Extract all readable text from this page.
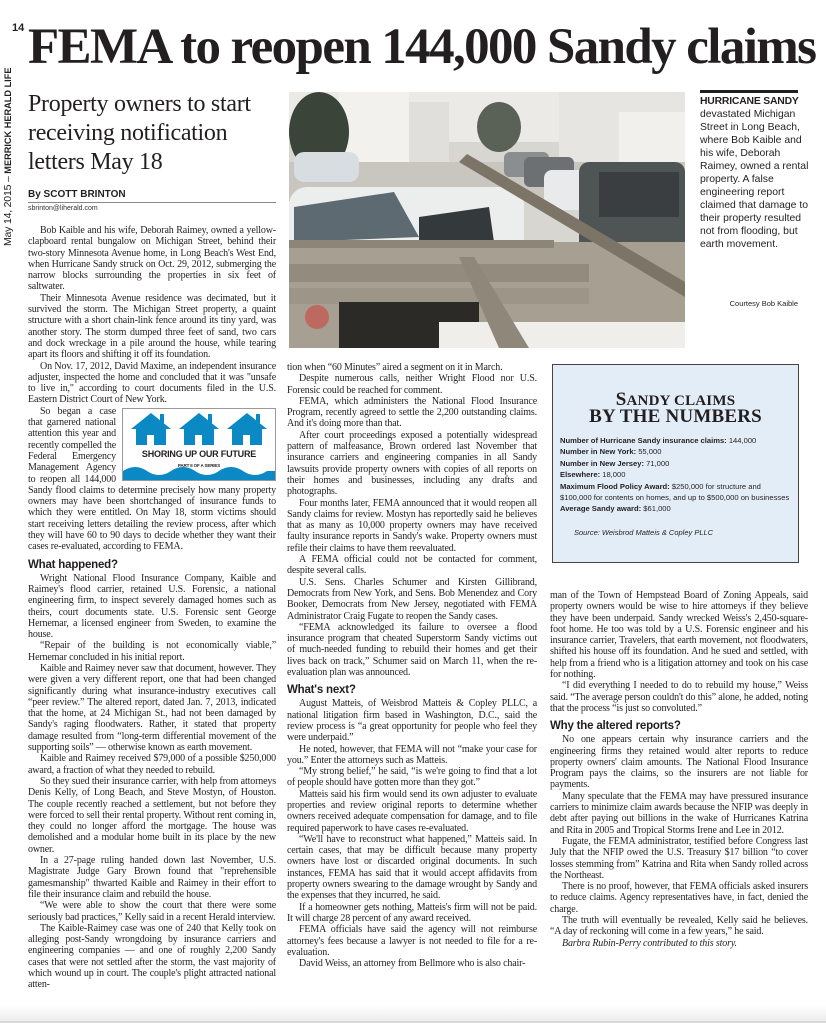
14 FEMA to reopen 144,000 Sandy claims
May 14, 2015 – MERRICK HERALD LIFE Property owners to start receiving notification letters May 18
By SCOTT BRINTON
sbrinton@liherald.com
HURRICANE SANDY devastated Michigan Street in Long Beach, where Bob Kaible and his wife, Deborah Raimey, owned a rental property. A false engineering report claimed that damage to their property resulted not from flooding, but earth movement.
Courtesy Bob Kaible
SANDY CLAIMS
BY THE NUMBERS
Number of Hurricane Sandy insurance claims: 144,000
Number in New York: 55,000
Number in New Jersey: 71,000
Elsewhere: 18,000
Maximum Flood Policy Award: $250,000 for structure and $100,000 for contents on homes, and up to $500,000 on businesses
Average Sandy award: $61,000
Source: Weisbrod Matteis & Copley PLLC

Bob Kaible and his wife, Deborah Raimey, owned a yellow-clapboard rental bungalow on Michigan Street, behind their two-story Minnesota Avenue home, in Long Beach's West End, when Hurricane Sandy struck on Oct. 29, 2012, submerging the narrow blocks surrounding the properties in six feet of saltwater.

Their Minnesota Avenue residence was decimated, but it survived the storm. The Michigan Street property, a quaint structure with a short chain-link fence around its tiny yard, was another story. The storm dumped three feet of sand, two cars and dock wreckage in a pile around the house, while tearing apart its floors and shifting it off its foundation.

On Nov. 17, 2012, David Maxime, an independent insurance adjuster, inspected the home and concluded that it was "unsafe to live in," according to court documents filed in the U.S. Eastern District Court of New York.

SHORING UP OUR FUTURE
PART II OF A SERIES

So began a case that garnered national attention this year and recently compelled the Federal Emergency Management Agency to reopen all 144,000 Sandy flood claims to determine precisely how many property owners may have been shortchanged of insurance funds to which they were entitled. On May 18, storm victims should start receiving letters detailing the review process, after which they will have 60 to 90 days to decide whether they want their cases re-evaluated, according to FEMA.

What happened?

Wright National Flood Insurance Company, Kaible and Raimey's flood carrier, retained U.S. Forensic, a national engineering firm, to inspect severely damaged homes such as theirs, court documents state. U.S. Forensic sent George Hernemar, a licensed engineer from Sweden, to examine the house.

“Repair of the building is not economically viable,” Hernemar concluded in his initial report.

Kaible and Raimey never saw that document, however. They were given a very different report, one that had been changed significantly during what insurance-industry executives call “peer review.” The altered report, dated Jan. 7, 2013, indicated that the home, at 24 Michigan St., had not been damaged by Sandy's raging floodwaters. Rather, it stated that property damage resulted from “long-term differential movement of the supporting soils” — otherwise known as earth movement.

Kaible and Raimey received $79,000 of a possible $250,000 award, a fraction of what they needed to rebuild.

So they sued their insurance carrier, with help from attorneys Denis Kelly, of Long Beach, and Steve Mostyn, of Houston. The couple recently reached a settlement, but not before they were forced to sell their rental property. Without rent coming in, they could no longer afford the mortgage. The house was demolished and a modular home built in its place by the new owner.

In a 27-page ruling handed down last November, U.S. Magistrate Judge Gary Brown found that "reprehensible gamesmanship" thwarted Kaible and Raimey in their effort to file their insurance claim and rebuild the house.

“We were able to show the court that there were some seriously bad practices,” Kelly said in a recent Herald interview.

The Kaible-Raimey case was one of 240 that Kelly took on alleging post-Sandy wrongdoing by insurance carriers and engineering companies — and one of roughly 2,200 Sandy cases that were not settled after the storm, the vast majority of which wound up in court. The couple's plight attracted national atten-

tion when “60 Minutes” aired a segment on it in March.

Despite numerous calls, neither Wright Flood nor U.S. Forensic could be reached for comment.

FEMA, which administers the National Flood Insurance Program, recently agreed to settle the 2,200 outstanding claims. And it's doing more than that.

After court proceedings exposed a potentially widespread pattern of malfeasance, Brown ordered last November that insurance carriers and engineering companies in all Sandy lawsuits provide property owners with copies of all reports on their homes and businesses, including any drafts and photographs.

Four months later, FEMA announced that it would reopen all Sandy claims for review. Mostyn has reportedly said he believes that as many as 10,000 property owners may have received faulty insurance reports in Sandy's wake. Property owners must refile their claims to have them reevaluated.

A FEMA official could not be contacted for comment, despite several calls.

U.S. Sens. Charles Schumer and Kirsten Gillibrand, Democrats from New York, and Sens. Bob Menendez and Cory Booker, Democrats from New Jersey, negotiated with FEMA Administrator Craig Fugate to reopen the Sandy cases.

“FEMA acknowledged its failure to oversee a flood insurance program that cheated Superstorm Sandy victims out of much-needed funding to rebuild their homes and get their lives back on track,” Schumer said on March 11, when the re-evaluation plan was announced.

What's next?

August Matteis, of Weisbrod Matteis & Copley PLLC, a national litigation firm based in Washington, D.C., said the review process is “a great opportunity for people who feel they were underpaid.”

He noted, however, that FEMA will not “make your case for you.” Enter the attorneys such as Matteis.

“My strong belief,” he said, “is we're going to find that a lot of people should have gotten more than they got.”

Matteis said his firm would send its own adjuster to evaluate properties and review original reports to determine whether owners received adequate compensation for damage, and to file required paperwork to have cases re-evaluated.

“We'll have to reconstruct what happened,” Matteis said. In certain cases, that may be difficult because many property owners have lost or discarded original documents. In such instances, FEMA has said that it would accept affidavits from property owners swearing to the damage wrought by Sandy and the expenses that they incurred, he said.

If a homeowner gets nothing, Matteis's firm will not be paid. It will charge 28 percent of any award received.

FEMA officials have said the agency will not reimburse attorney's fees because a lawyer is not needed to file for a re-evaluation.

David Weiss, an attorney from Bellmore who is also chair-

man of the Town of Hempstead Board of Zoning Appeals, said property owners would be wise to hire attorneys if they believe they have been underpaid. Sandy wrecked Weiss's 2,450-square-foot home. He too was told by a U.S. Forensic engineer and his insurance carrier, Travelers, that earth movement, not floodwaters, shifted his house off its foundation. And he sued and settled, with help from a friend who is a litigation attorney and took on his case for nothing.

“I did everything I needed to do to rebuild my house,” Weiss said. “The average person couldn't do this” alone, he added, noting that the process “is just so convoluted.”

Why the altered reports?

No one appears certain why insurance carriers and the engineering firms they retained would alter reports to reduce property owners' claim amounts. The National Flood Insurance Program pays the claims, so the insurers are not liable for payments.

Many speculate that the FEMA may have pressured insurance carriers to minimize claim awards because the NFIP was deeply in debt after paying out billions in the wake of Hurricanes Katrina and Rita in 2005 and Tropical Storms Irene and Lee in 2012.

Fugate, the FEMA administrator, testified before Congress last July that the NFIP owed the U.S. Treasury $17 billion “to cover losses stemming from” Katrina and Rita when Sandy rolled across the Northeast.

There is no proof, however, that FEMA officials asked insurers to reduce claims. Agency representatives have, in fact, denied the charge.

The truth will eventually be revealed, Kelly said he believes. “A day of reckoning will come in a few years,” he said.

Barbra Rubin-Perry contributed to this story.
